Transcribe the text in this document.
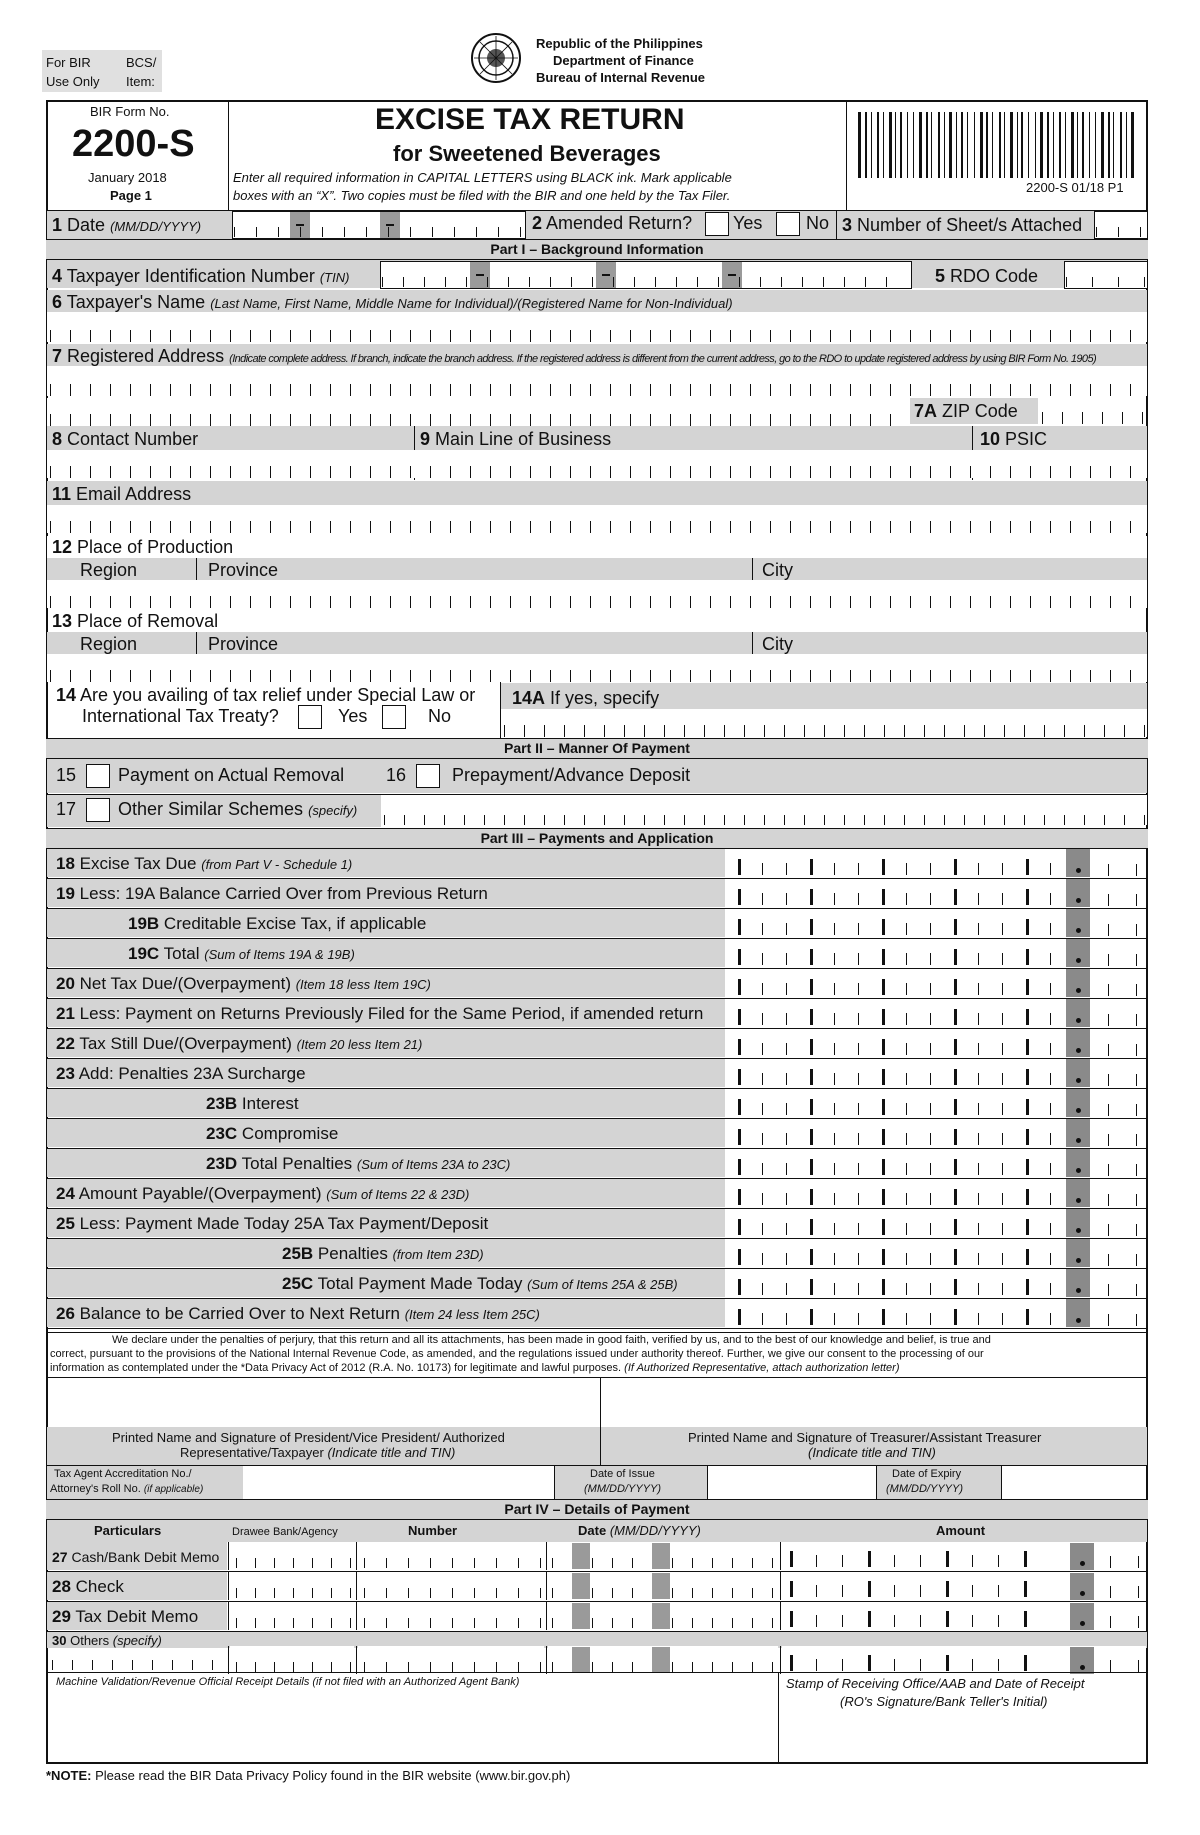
For BIR
Use Only
BCS/
Item:
Republic of the Philippines
Department of Finance
Bureau of Internal Revenue
BIR Form No.
2200-S
January 2018
Page 1
EXCISE TAX RETURN
for Sweetened Beverages
Enter all required information in CAPITAL LETTERS using BLACK ink. Mark applicable
boxes with an “X”. Two copies must be filed with the BIR and one held by the Tax Filer.
2200-S 01/18 P1
1 Date (MM/DD/YYYY)	2 Amended Return? Yes No 3 Number of Sheet/s Attached
Part I – Background Information
4 Taxpayer Identification Number (TIN)	5 RDO Code
6 Taxpayer's Name (Last Name, First Name, Middle Name for Individual)/(Registered Name for Non-Individual)
7 Registered Address (Indicate complete address. If branch, indicate the branch address. If the registered address is different from the current address, go to the RDO to update registered address by using BIR Form No. 1905)
7A ZIP Code
8 Contact Number	9 Main Line of Business	10 PSIC
11 Email Address
12 Place of Production
Region	Province	City
13 Place of Removal
Region	Province	City
14 Are you availing of tax relief under Special Law or
International Tax Treaty?	Yes	No
14A If yes, specify
Part II – Manner Of Payment
15 Payment on Actual Removal 16	Prepayment/Advance Deposit
17 Other Similar Schemes (specify)
Part III – Payments and Application
18 Excise Tax Due (from Part V - Schedule 1)
19 Less: 19A Balance Carried Over from Previous Return
19B Creditable Excise Tax, if applicable
19C Total (Sum of Items 19A & 19B)
20 Net Tax Due/(Overpayment) (Item 18 less Item 19C)
21 Less: Payment on Returns Previously Filed for the Same Period, if amended return
22 Tax Still Due/(Overpayment) (Item 20 less Item 21)
23 Add: Penalties 23A Surcharge
23B Interest
23C Compromise
23D Total Penalties (Sum of Items 23A to 23C)
24 Amount Payable/(Overpayment) (Sum of Items 22 & 23D)
25 Less: Payment Made Today 25A Tax Payment/Deposit
25B Penalties (from Item 23D)
25C Total Payment Made Today (Sum of Items 25A & 25B)
26 Balance to be Carried Over to Next Return (Item 24 less Item 25C)
We declare under the penalties of perjury, that this return and all its attachments, has been made in good faith, verified by us, and to the best of our knowledge and belief, is true and
correct, pursuant to the provisions of the National Internal Revenue Code, as amended, and the regulations issued under authority thereof. Further, we give our consent to the processing of our
information as contemplated under the *Data Privacy Act of 2012 (R.A. No. 10173) for legitimate and lawful purposes. (If Authorized Representative, attach authorization letter)
Printed Name and Signature of President/Vice President/ Authorized
Representative/Taxpayer (Indicate title and TIN)
Printed Name and Signature of Treasurer/Assistant Treasurer
(Indicate title and TIN)
Tax Agent Accreditation No./
Attorney's Roll No. (if applicable)
Date of Issue
(MM/DD/YYYY)
Date of Expiry
(MM/DD/YYYY)
Part IV – Details of Payment
Particulars	Drawee Bank/Agency	Number	Date (MM/DD/YYYY)	Amount
27 Cash/Bank Debit Memo
28 Check
29 Tax Debit Memo
30 Others (specify)
Machine Validation/Revenue Official Receipt Details (if not filed with an Authorized Agent Bank)	Stamp of Receiving Office/AAB and Date of Receipt
(RO's Signature/Bank Teller's Initial)
*NOTE: Please read the BIR Data Privacy Policy found in the BIR website (www.bir.gov.ph)
